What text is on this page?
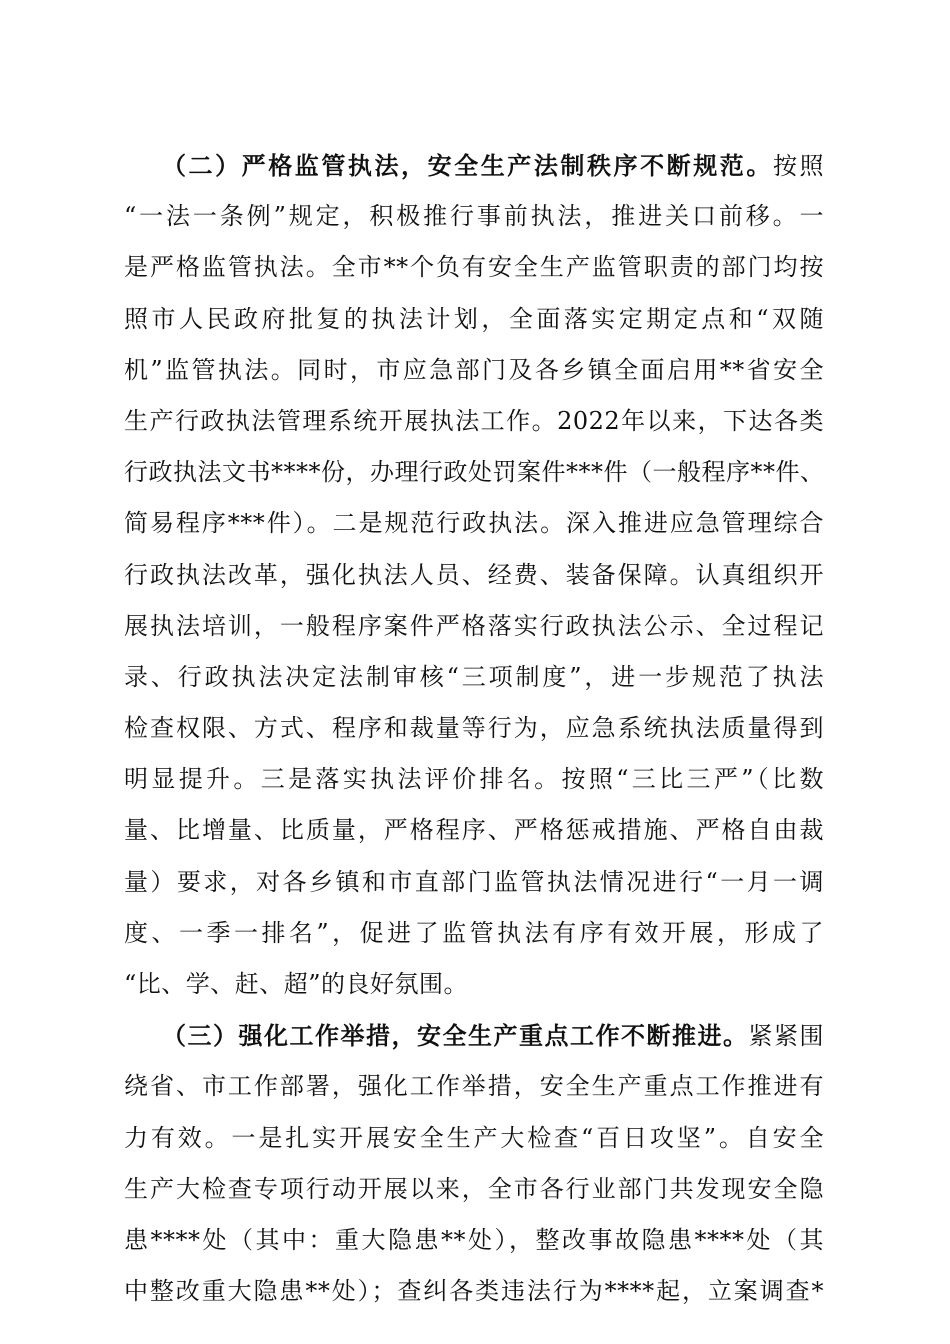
（二）严格监管执法，安全生产法制秩序不断规范。按照
“一法一条例”规定，积极推行事前执法，推进关口前移。一
是严格监管执法。全市**个负有安全生产监管职责的部门均按
照市人民政府批复的执法计划，全面落实定期定点和“双随
机”监管执法。同时，市应急部门及各乡镇全面启用**省安全
生产行政执法管理系统开展执法工作。2022年以来，下达各类
行政执法文书****份，办理行政处罚案件***件（一般程序**件、
简易程序***件）。二是规范行政执法。深入推进应急管理综合
行政执法改革，强化执法人员、经费、装备保障。认真组织开
展执法培训，一般程序案件严格落实行政执法公示、全过程记
录、行政执法决定法制审核“三项制度”，进一步规范了执法
检查权限、方式、程序和裁量等行为，应急系统执法质量得到
明显提升。三是落实执法评价排名。按照“三比三严”（比数
量、比增量、比质量，严格程序、严格惩戒措施、严格自由裁
量）要求，对各乡镇和市直部门监管执法情况进行“一月一调
度、一季一排名”，促进了监管执法有序有效开展，形成了
“比、学、赶、超”的良好氛围。
（三）强化工作举措，安全生产重点工作不断推进。紧紧围
绕省、市工作部署，强化工作举措，安全生产重点工作推进有
力有效。一是扎实开展安全生产大检查“百日攻坚”。自安全
生产大检查专项行动开展以来，全市各行业部门共发现安全隐
患****处（其中：重大隐患**处），整改事故隐患****处（其
中整改重大隐患**处）；查纠各类违法行为****起，立案调查*
